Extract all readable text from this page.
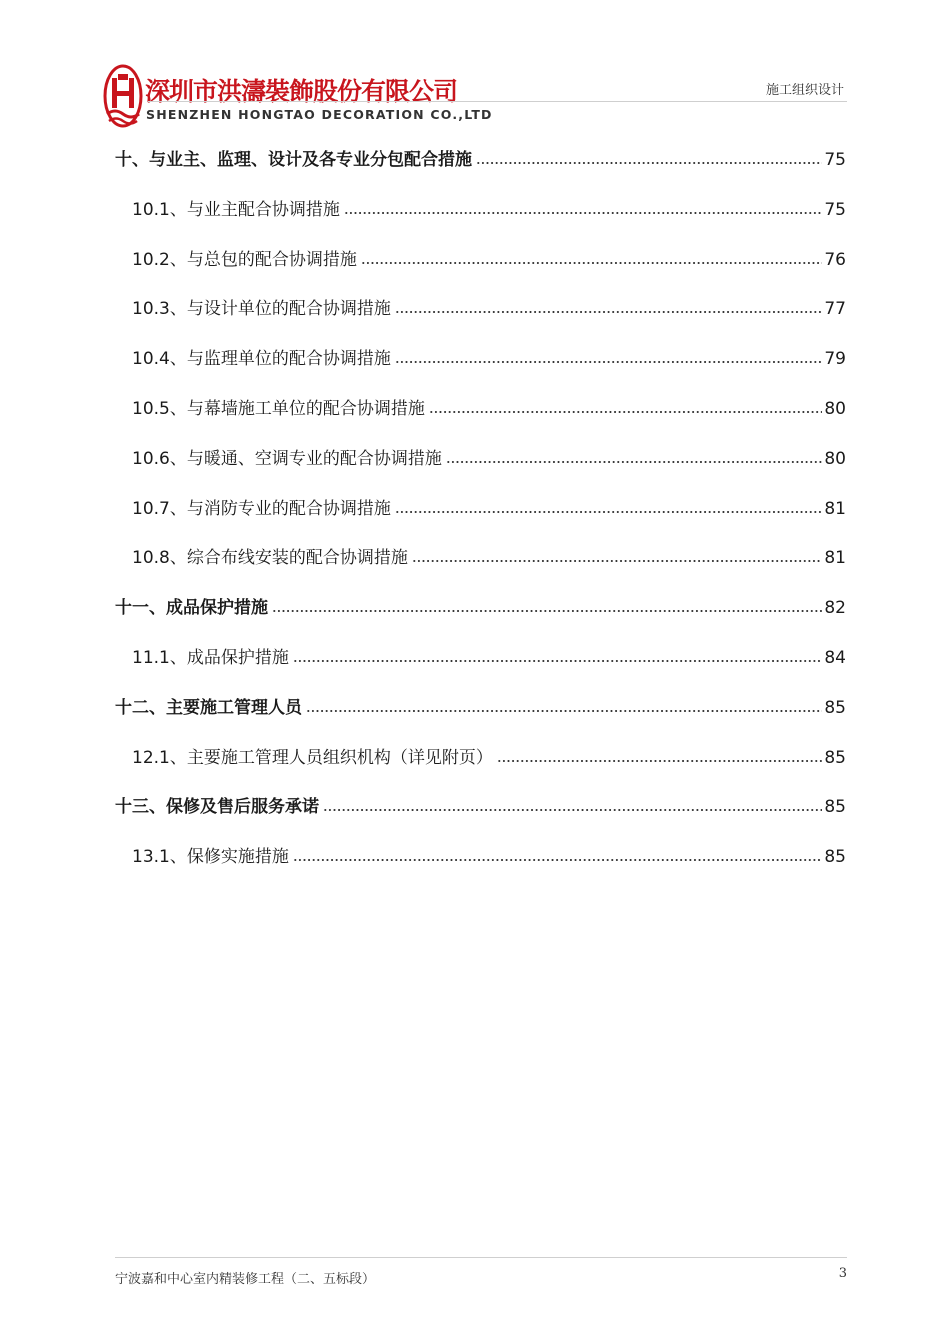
深圳市洪濤裝飾股份有限公司
SHENZHEN HONGTAO DECORATION CO.,LTD
施工组织设计
十、与业主、监理、设计及各专业分包配合措施	75
10.1、与业主配合协调措施	75
10.2、与总包的配合协调措施	76
10.3、与设计单位的配合协调措施	77
10.4、与监理单位的配合协调措施	79
10.5、与幕墙施工单位的配合协调措施	80
10.6、与暖通、空调专业的配合协调措施	80
10.7、与消防专业的配合协调措施	81
10.8、综合布线安装的配合协调措施	81
十一、成品保护措施	82
11.1、成品保护措施	84
十二、主要施工管理人员	85
12.1、主要施工管理人员组织机构（详见附页）	85
十三、保修及售后服务承诺	85
13.1、保修实施措施	85
宁波嘉和中心室内精装修工程（二、五标段）	3
